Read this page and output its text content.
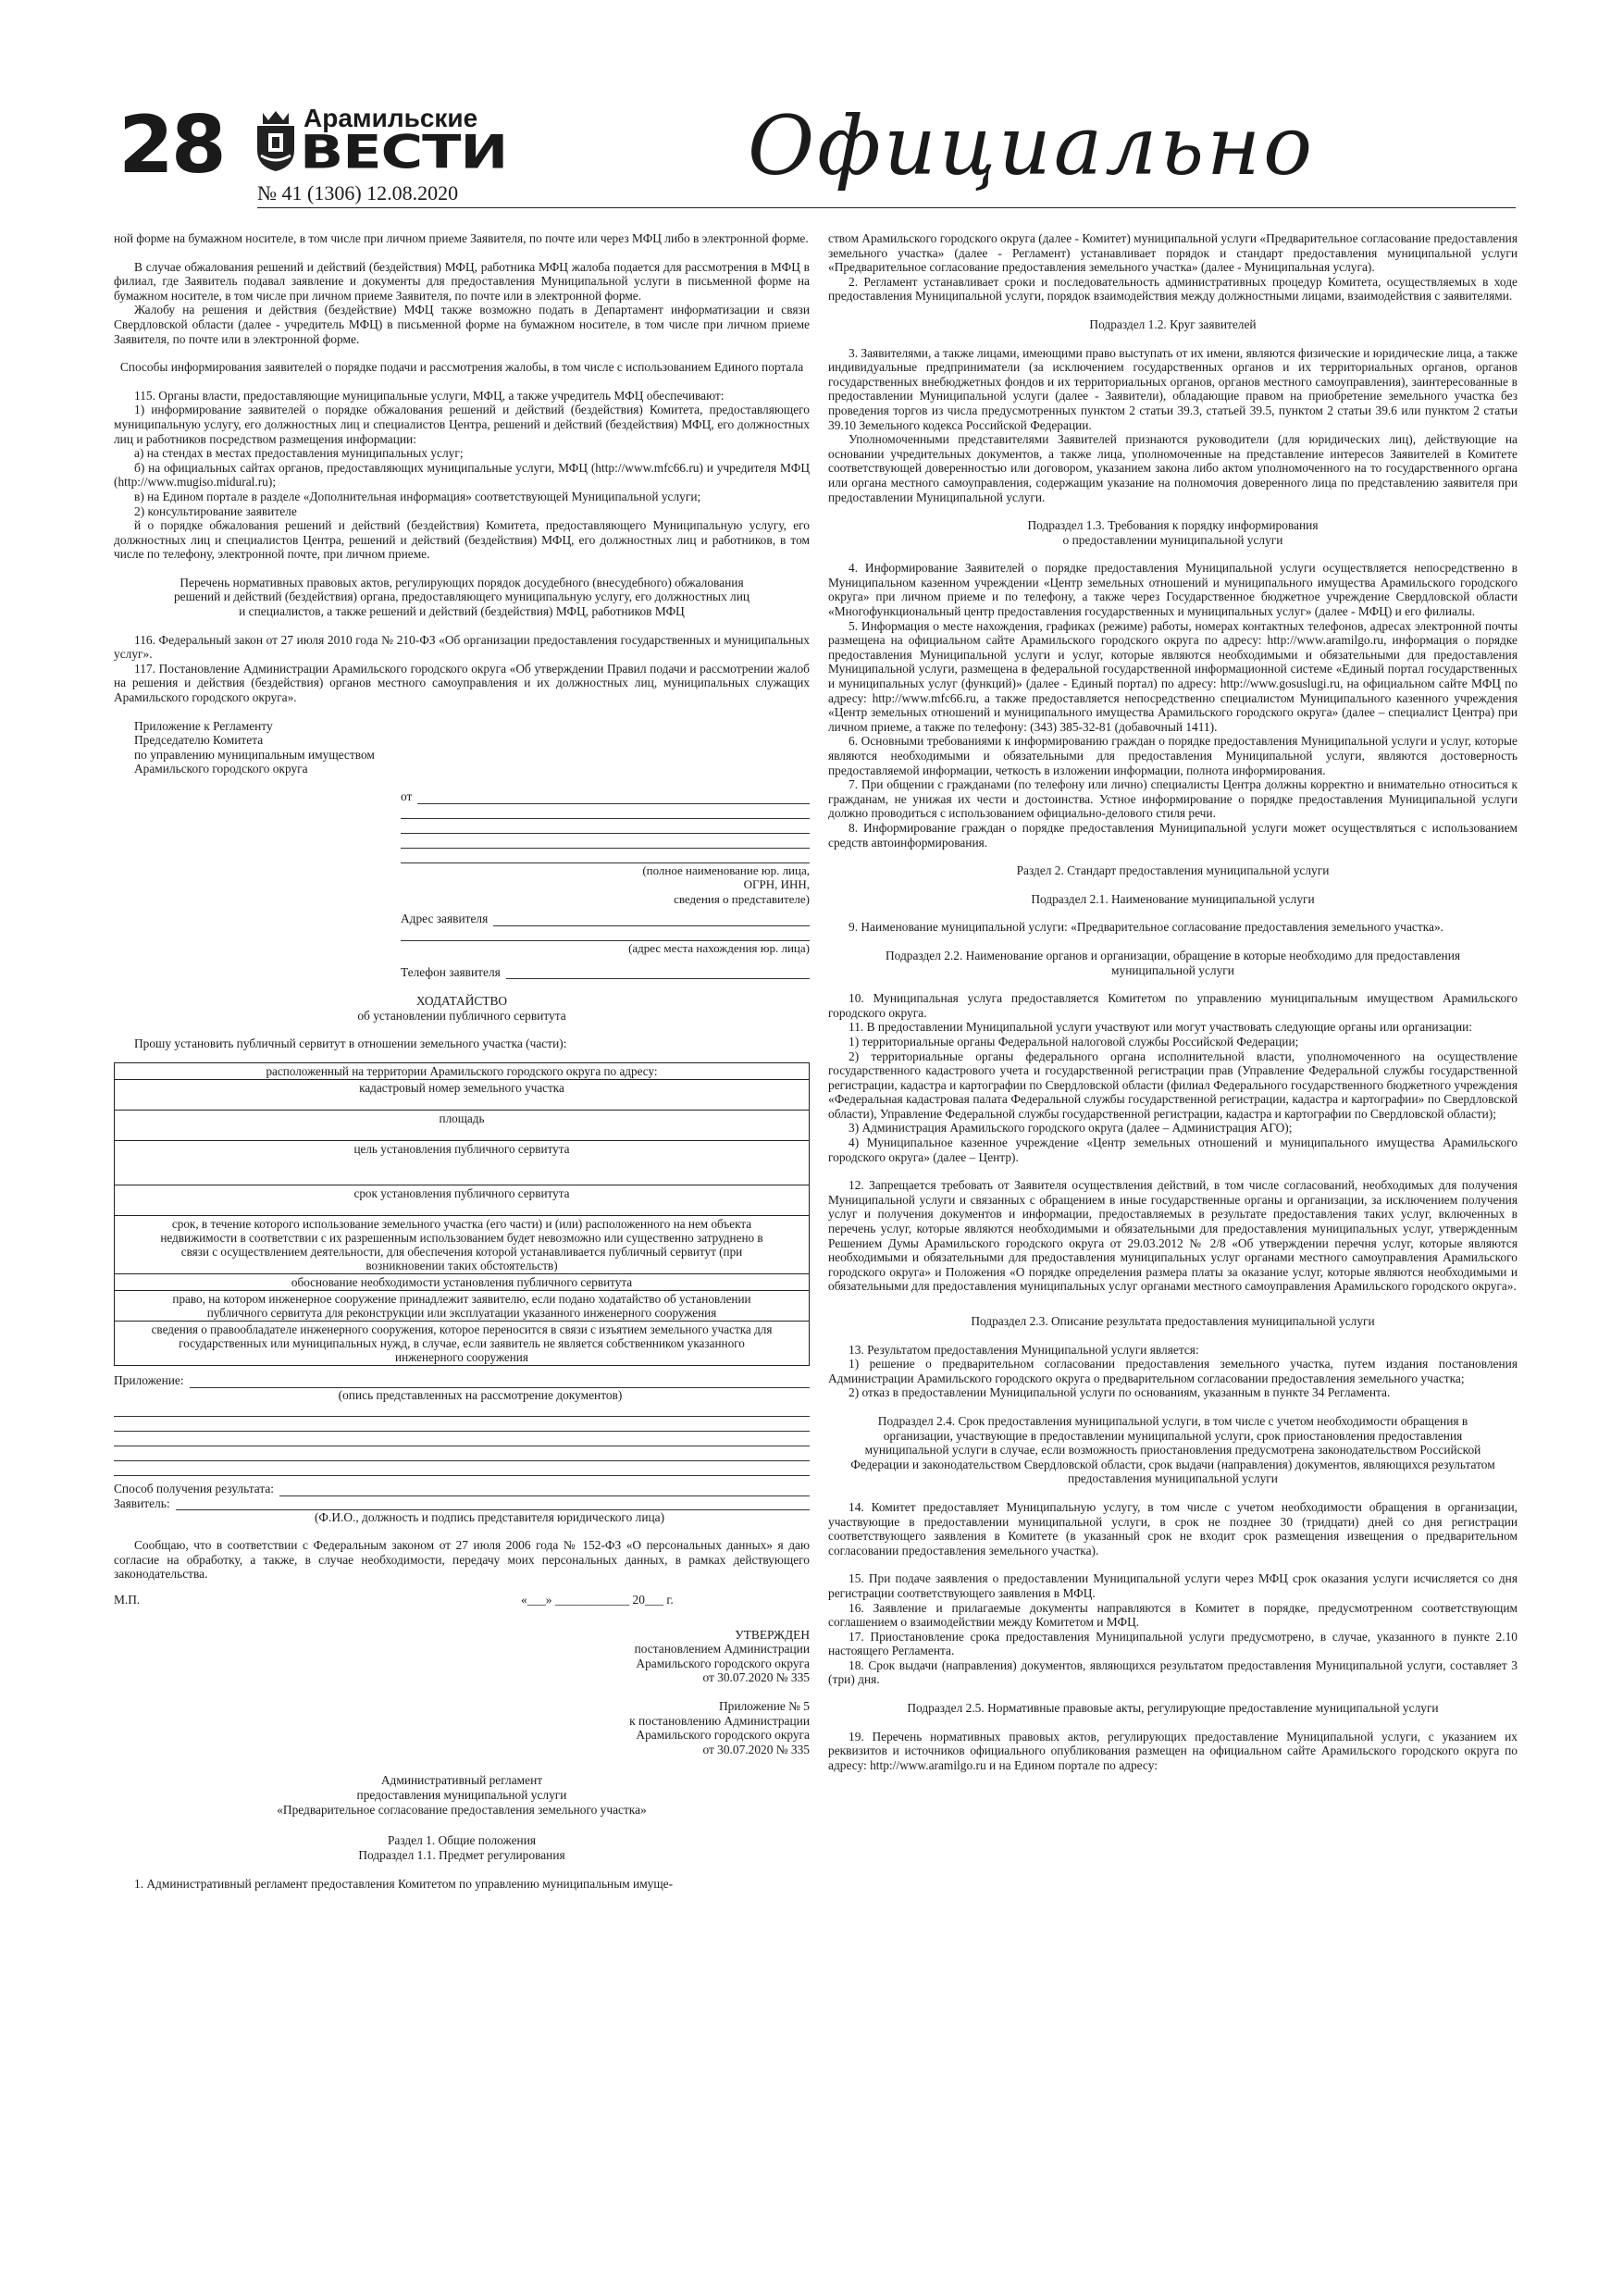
28	Арамильские
ВЕСТИ
№ 41 (1306) 12.08.2020	Официально

ной форме на бумажном носителе, в том числе при личном приеме Заявителя, по почте или через МФЦ либо в электронной форме.

В случае обжалования решений и действий (бездействия) МФЦ, работника МФЦ жалоба подается для рассмотрения в МФЦ в филиал, где Заявитель подавал заявление и документы для предоставления Муниципальной услуги в письменной форме на бумажном носителе, в том числе при личном приеме Заявителя, по почте или в электронной форме.

Жалобу на решения и действия (бездействие) МФЦ также возможно подать в Департамент информатизации и связи Свердловской области (далее - учредитель МФЦ) в письменной форме на бумажном носителе, в том числе при личном приеме Заявителя, по почте или в электронной форме.

Способы информирования заявителей о порядке подачи и рассмотрения жалобы, в том числе с использованием Единого портала

115. Органы власти, предоставляющие муниципальные услуги, МФЦ, а также учредитель МФЦ обеспечивают:

1) информирование заявителей о порядке обжалования решений и действий (бездействия) Комитета, предоставляющего муниципальную услугу, его должностных лиц и специалистов Центра, решений и действий (бездействия) МФЦ, его должностных лиц и работников посредством размещения информации:

а) на стендах в местах предоставления муниципальных услуг;

б) на официальных сайтах органов, предоставляющих муниципальные услуги, МФЦ (http://www.mfc66.ru) и учредителя МФЦ (http://www.mugiso.midural.ru);

в) на Едином портале в разделе «Дополнительная информация» соответствующей Муниципальной услуги;

2) консультирование заявителе

й о порядке обжалования решений и действий (бездействия) Комитета, предоставляющего Муниципальную услугу, его должностных лиц и специалистов Центра, решений и действий (бездействия) МФЦ, его должностных лиц и работников, в том числе по телефону, электронной почте, при личном приеме.

Перечень нормативных правовых актов, регулирующих порядок досудебного (внесудебного) обжалования решений и действий (бездействия) органа, предоставляющего муниципальную услугу, его должностных лиц и специалистов, а также решений и действий (бездействия) МФЦ, работников МФЦ

116. Федеральный закон от 27 июля 2010 года № 210-ФЗ «Об организации предоставления государственных и муниципальных услуг».

117. Постановление Администрации Арамильского городского округа «Об утверждении Правил подачи и рассмотрении жалоб на решения и действия (бездействия) органов местного самоуправления и их должностных лиц, муниципальных служащих Арамильского городского округа».

Приложение к Регламенту

Председателю Комитета

по управлению муниципальным имуществом

Арамильского городского округа

от
(полное наименование юр. лица,
ОГРН, ИНН,
сведения о представителе)
Адрес заявителя
(адрес места нахождения юр. лица)
Телефон заявителя

ХОДАТАЙСТВО

об установлении публичного сервитута

Прошу установить публичный сервитут в отношении земельного участка (части):

расположенный на территории Арамильского городского округа по адресу:
кадастровый номер земельного участка

площадь

цель установления публичного сервитута

срок установления публичного сервитута

срок, в течение которого использование земельного участка (его части) и (или) расположенного на нем объекта недвижимости в соответствии с их разрешенным использованием будет невозможно или существенно затруднено в связи с осуществлением деятельности, для обеспечения которой устанавливается публичный сервитут (при возникновении таких обстоятельств)
обоснование необходимости установления публичного сервитута
право, на котором инженерное сооружение принадлежит заявителю, если подано ходатайство об установлении публичного сервитута для реконструкции или эксплуатации указанного инженерного сооружения
сведения о правообладателе инженерного сооружения, которое переносится в связи с изъятием земельного участка для государственных или муниципальных нужд, в случае, если заявитель не является собственником указанного инженерного сооружения
Приложение:
(опись представленных на рассмотрение документов)
Способ получения результата:
Заявитель:
(Ф.И.О., должность и подпись представителя юридического лица)

Сообщаю, что в соответствии с Федеральным законом от 27 июля 2006 года № 152-ФЗ «О персональных данных» я даю согласие на обработку, а также, в случае необходимости, передачу моих персональных данных, в рамках действующего законодательства.

М.П.	«___» ____________ 20___ г.

УТВЕРЖДЕН

постановлением Администрации

Арамильского городского округа

от 30.07.2020 № 335

Приложение № 5

к постановлению Администрации

Арамильского городского округа

от 30.07.2020 № 335

Административный регламент

предоставления муниципальной услуги

«Предварительное согласование предоставления земельного участка»

Раздел 1. Общие положения

Подраздел 1.1. Предмет регулирования

1. Административный регламент предоставления Комитетом по управлению муниципальным имуще-

ством Арамильского городского округа (далее - Комитет) муниципальной услуги «Предварительное согласование предоставления земельного участка» (далее - Регламент) устанавливает порядок и стандарт предоставления муниципальной услуги «Предварительное согласование предоставления земельного участка» (далее - Муниципальная услуга).

2. Регламент устанавливает сроки и последовательность административных процедур Комитета, осуществляемых в ходе предоставления Муниципальной услуги, порядок взаимодействия между должностными лицами, взаимодействия с заявителями.

Подраздел 1.2. Круг заявителей

3. Заявителями, а также лицами, имеющими право выступать от их имени, являются физические и юридические лица, а также индивидуальные предприниматели (за исключением государственных органов и их территориальных органов, органов государственных внебюджетных фондов и их территориальных органов, органов местного самоуправления), заинтересованные в предоставлении Муниципальной услуги (далее - Заявители), обладающие правом на приобретение земельного участка без проведения торгов из числа предусмотренных пунктом 2 статьи 39.3, статьей 39.5, пунктом 2 статьи 39.6 или пунктом 2 статьи 39.10 Земельного кодекса Российской Федерации.

Уполномоченными представителями Заявителей признаются руководители (для юридических лиц), действующие на основании учредительных документов, а также лица, уполномоченные на представление интересов Заявителей в Комитете соответствующей доверенностью или договором, указанием закона либо актом уполномоченного на то государственного органа или органа местного самоуправления, содержащим указание на полномочия доверенного лица по представлению заявителя при предоставлении Муниципальной услуги.

Подраздел 1.3. Требования к порядку информирования

о предоставлении муниципальной услуги

4. Информирование Заявителей о порядке предоставления Муниципальной услуги осуществляется непосредственно в Муниципальном казенном учреждении «Центр земельных отношений и муниципального имущества Арамильского городского округа» при личном приеме и по телефону, а также через Государственное бюджетное учреждение Свердловской области «Многофункциональный центр предоставления государственных и муниципальных услуг» (далее - МФЦ) и его филиалы.

5. Информация о месте нахождения, графиках (режиме) работы, номерах контактных телефонов, адресах электронной почты размещена на официальном сайте Арамильского городского округа по адресу: http://www.aramilgo.ru, информация о порядке предоставления Муниципальной услуги и услуг, которые являются необходимыми и обязательными для предоставления Муниципальной услуги, размещена в федеральной государственной информационной системе «Единый портал государственных и муниципальных услуг (функций)» (далее - Единый портал) по адресу: http://www.gosuslugi.ru, на официальном сайте МФЦ по адресу: http://www.mfc66.ru, а также предоставляется непосредственно специалистом Муниципального казенного учреждения «Центр земельных отношений и муниципального имущества Арамильского городского округа» (далее – специалист Центра) при личном приеме, а также по телефону: (343) 385-32-81 (добавочный 1411).

6. Основными требованиями к информированию граждан о порядке предоставления Муниципальной услуги и услуг, которые являются необходимыми и обязательными для предоставления Муниципальной услуги, являются достоверность предоставляемой информации, четкость в изложении информации, полнота информирования.

7. При общении с гражданами (по телефону или лично) специалисты Центра должны корректно и внимательно относиться к гражданам, не унижая их чести и достоинства. Устное информирование о порядке предоставления Муниципальной услуги должно проводиться с использованием официально-делового стиля речи.

8. Информирование граждан о порядке предоставления Муниципальной услуги может осуществляться с использованием средств автоинформирования.

Раздел 2. Стандарт предоставления муниципальной услуги

Подраздел 2.1. Наименование муниципальной услуги

9. Наименование муниципальной услуги: «Предварительное согласование предоставления земельного участка».

Подраздел 2.2. Наименование органов и организации, обращение в которые необходимо для предоставления муниципальной услуги

10. Муниципальная услуга предоставляется Комитетом по управлению муниципальным имуществом Арамильского городского округа.

11. В предоставлении Муниципальной услуги участвуют или могут участвовать следующие органы или организации:

1) территориальные органы Федеральной налоговой службы Российской Федерации;

2) территориальные органы федерального органа исполнительной власти, уполномоченного на осуществление государственного кадастрового учета и государственной регистрации прав (Управление Федеральной службы государственной регистрации, кадастра и картографии по Свердловской области (филиал Федерального государственного бюджетного учреждения «Федеральная кадастровая палата Федеральной службы государственной регистрации, кадастра и картографии» по Свердловской области), Управление Федеральной службы государственной регистрации, кадастра и картографии по Свердловской области);

3) Администрация Арамильского городского округа (далее – Администрация АГО);

4) Муниципальное казенное учреждение «Центр земельных отношений и муниципального имущества Арамильского городского округа» (далее – Центр).

12. Запрещается требовать от Заявителя осуществления действий, в том числе согласований, необходимых для получения Муниципальной услуги и связанных с обращением в иные государственные органы и организации, за исключением получения услуг и получения документов и информации, предоставляемых в результате предоставления таких услуг, включенных в перечень услуг, которые являются необходимыми и обязательными для предоставления муниципальных услуг, утвержденным Решением Думы Арамильского городского округа от 29.03.2012 № 2/8 «Об утверждении перечня услуг, которые являются необходимыми и обязательными для предоставления муниципальных услуг органами местного самоуправления Арамильского городского округа» и Положения «О порядке определения размера платы за оказание услуг, которые являются необходимыми и обязательными для предоставления муниципальных услуг органами местного самоуправления Арамильского городского округа».

Подраздел 2.3. Описание результата предоставления муниципальной услуги

13. Результатом предоставления Муниципальной услуги является:

1) решение о предварительном согласовании предоставления земельного участка, путем издания постановления Администрации Арамильского городского округа о предварительном согласовании предоставления земельного участка;

2) отказ в предоставлении Муниципальной услуги по основаниям, указанным в пункте 34 Регламента.

Подраздел 2.4. Срок предоставления муниципальной услуги, в том числе с учетом необходимости обращения в организации, участвующие в предоставлении муниципальной услуги, срок приостановления предоставления муниципальной услуги в случае, если возможность приостановления предусмотрена законодательством Российской Федерации и законодательством Свердловской области, срок выдачи (направления) документов, являющихся результатом предоставления муниципальной услуги

14. Комитет предоставляет Муниципальную услугу, в том числе с учетом необходимости обращения в организации, участвующие в предоставлении муниципальной услуги, в срок не позднее 30 (тридцати) дней со дня регистрации соответствующего заявления в Комитете (в указанный срок не входит срок размещения извещения о предварительном согласовании предоставления земельного участка).

15. При подаче заявления о предоставлении Муниципальной услуги через МФЦ срок оказания услуги исчисляется со дня регистрации соответствующего заявления в МФЦ.

16. Заявление и прилагаемые документы направляются в Комитет в порядке, предусмотренном соответствующим соглашением о взаимодействии между Комитетом и МФЦ.

17. Приостановление срока предоставления Муниципальной услуги предусмотрено, в случае, указанного в пункте 2.10 настоящего Регламента.

18. Срок выдачи (направления) документов, являющихся результатом предоставления Муниципальной услуги, составляет 3 (три) дня.

Подраздел 2.5. Нормативные правовые акты, регулирующие предоставление муниципальной услуги

19. Перечень нормативных правовых актов, регулирующих предоставление Муниципальной услуги, с указанием их реквизитов и источников официального опубликования размещен на официальном сайте Арамильского городского округа по адресу: http://www.aramilgo.ru и на Едином портале по адресу:
